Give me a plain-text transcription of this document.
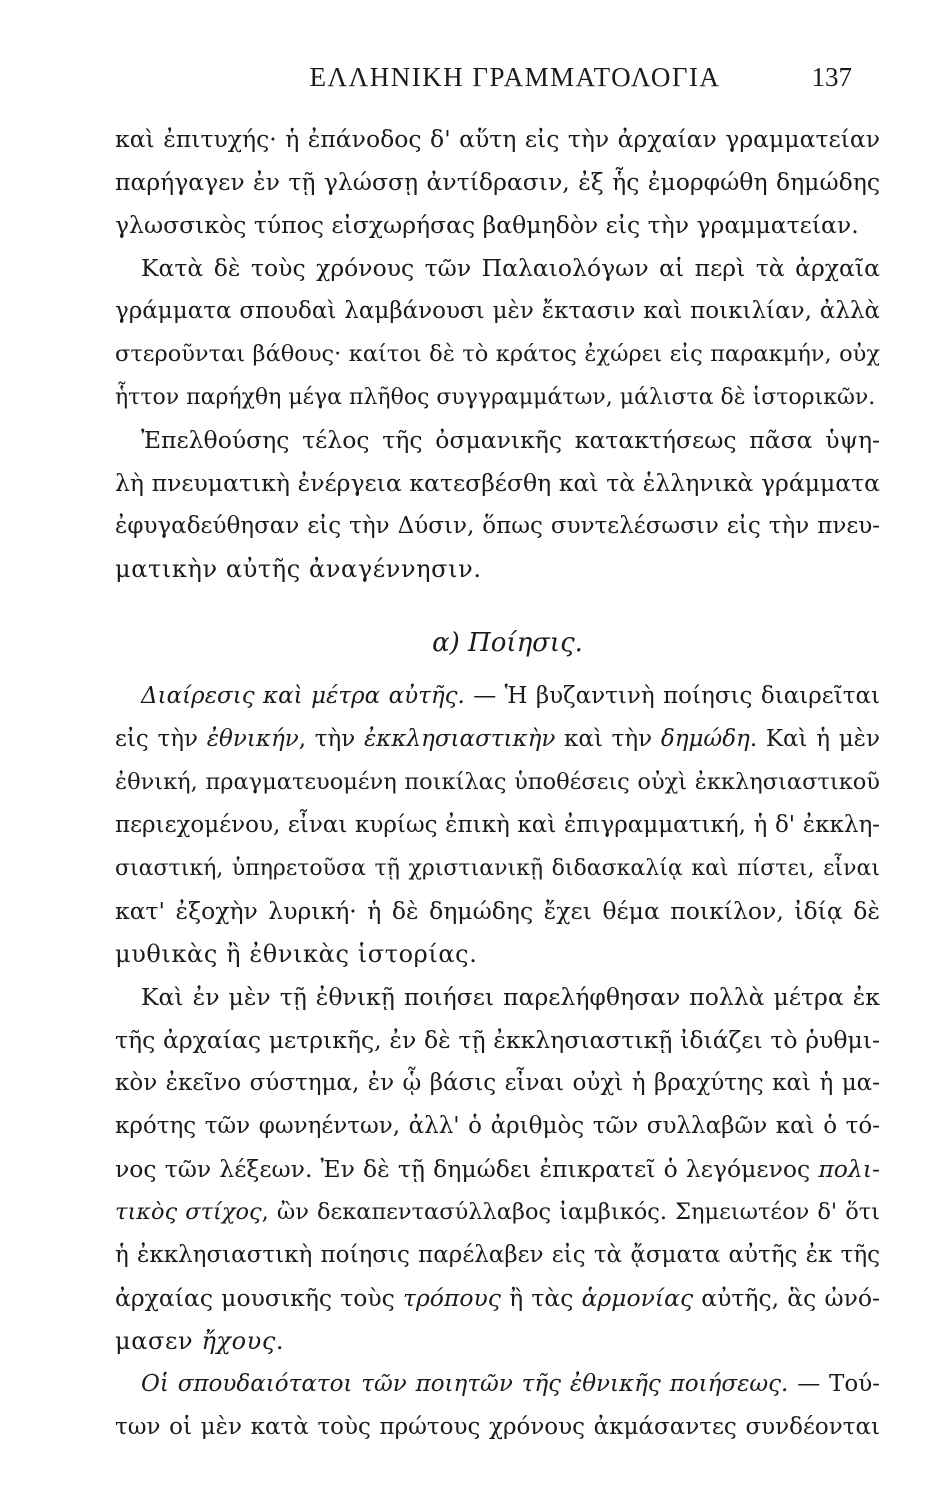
ΕΛΛΗΝΙΚΗ ΓΡΑΜΜΑΤΟΛΟΓΙΑ	137
καὶ ἐπιτυχής· ἡ ἐπάνοδος δ' αὕτη εἰς τὴν ἀρχαίαν γραμματείαν
παρήγαγεν ἐν τῇ γλώσσῃ ἀντίδρασιν, ἐξ ἧς ἐμορφώθη δημώδης
γλωσσικὸς τύπος εἰσχωρήσας βαθμηδὸν εἰς τὴν γραμματείαν.
Κατὰ δὲ τοὺς χρόνους τῶν Παλαιολόγων αἱ περὶ τὰ ἀρχαῖα
γράμματα σπουδαὶ λαμβάνουσι μὲν ἔκτασιν καὶ ποικιλίαν, ἀλλὰ
στεροῦνται βάθους· καίτοι δὲ τὸ κράτος ἐχώρει εἰς παρακμήν, οὐχ
ἧττον παρήχθη μέγα πλῆθος συγγραμμάτων, μάλιστα δὲ ἱστορικῶν.
Ἐπελθούσης τέλος τῆς ὀσμανικῆς κατακτήσεως πᾶσα ὑψη-
λὴ πνευματικὴ ἐνέργεια κατεσβέσθη καὶ τὰ ἑλληνικὰ γράμματα
ἐφυγαδεύθησαν εἰς τὴν Δύσιν, ὅπως συντελέσωσιν εἰς τὴν πνευ-
ματικὴν αὐτῆς ἀναγέννησιν.
α) Ποίησις.
Διαίρεσις καὶ μέτρα αὐτῆς. — Ἡ βυζαντινὴ ποίησις διαιρεῖται
εἰς τὴν ἐθνικήν, τὴν ἐκκλησιαστικὴν καὶ τὴν δημώδη. Καὶ ἡ μὲν
ἐθνική, πραγματευομένη ποικίλας ὑποθέσεις οὐχὶ ἐκκλησιαστικοῦ
περιεχομένου, εἶναι κυρίως ἐπικὴ καὶ ἐπιγραμματική, ἡ δ' ἐκκλη-
σιαστική, ὑπηρετοῦσα τῇ χριστιανικῇ διδασκαλίᾳ καὶ πίστει, εἶναι
κατ' ἐξοχὴν λυρική· ἡ δὲ δημώδης ἔχει θέμα ποικίλον, ἰδίᾳ δὲ
μυθικὰς ἢ ἐθνικὰς ἱστορίας.
Καὶ ἐν μὲν τῇ ἐθνικῇ ποιήσει παρελήφθησαν πολλὰ μέτρα ἐκ
τῆς ἀρχαίας μετρικῆς, ἐν δὲ τῇ ἐκκλησιαστικῇ ἰδιάζει τὸ ῥυθμι-
κὸν ἐκεῖνο σύστημα, ἐν ᾧ βάσις εἶναι οὐχὶ ἡ βραχύτης καὶ ἡ μα-
κρότης τῶν φωνηέντων, ἀλλ' ὁ ἀριθμὸς τῶν συλλαβῶν καὶ ὁ τό-
νος τῶν λέξεων. Ἐν δὲ τῇ δημώδει ἐπικρατεῖ ὁ λεγόμενος πολι-
τικὸς στίχος, ὢν δεκαπεντασύλλαβος ἰαμβικός. Σημειωτέον δ' ὅτι
ἡ ἐκκλησιαστικὴ ποίησις παρέλαβεν εἰς τὰ ᾄσματα αὐτῆς ἐκ τῆς
ἀρχαίας μουσικῆς τοὺς τρόπους ἢ τὰς ἁρμονίας αὐτῆς, ἃς ὠνό-
μασεν ἤχους.
Οἱ σπουδαιότατοι τῶν ποιητῶν τῆς ἐθνικῆς ποιήσεως. — Τού-
των οἱ μὲν κατὰ τοὺς πρώτους χρόνους ἀκμάσαντες συνδέονται
